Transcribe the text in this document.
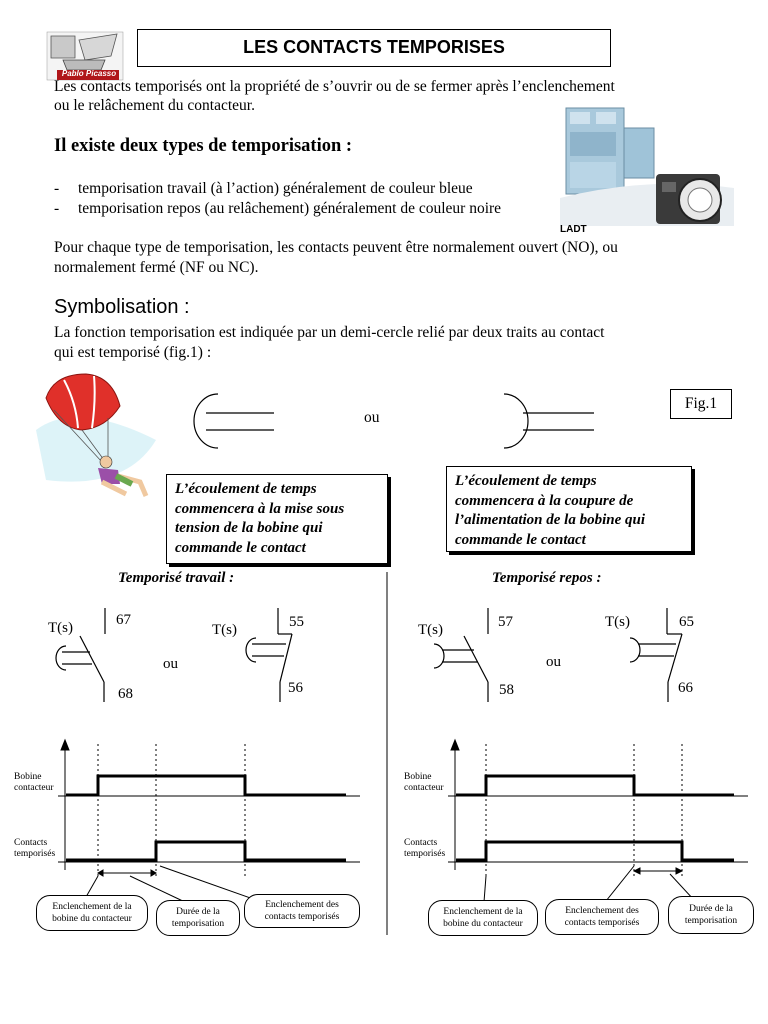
Pablo Picasso
LES CONTACTS TEMPORISES
Les contacts temporisés ont la propriété de s’ouvrir ou de se fermer après l’enclenchement
ou le relâchement du contacteur.
Il existe deux types de temporisation :
- temporisation travail (à l’action) généralement de couleur bleue
- temporisation repos (au relâchement) généralement de couleur noire
LADT
Pour chaque type de temporisation, les contacts peuvent être normalement ouvert (NO), ou
normalement fermé (NF ou NC).
Symbolisation :
La fonction temporisation est indiquée par un demi-cercle relié par deux traits au contact
qui est temporisé (fig.1) :
ou
Fig.1
L’écoulement de temps
commencera à la mise sous
tension de la bobine qui
commande le contact
L’écoulement de temps
commencera à la coupure de
l’alimentation de la bobine qui
commande le contact
Temporisé travail :	Temporisé repos :
T(s)	67
68
ou
T(s)	55
56
T(s)	57
58
ou
T(s)	65
66
Bobine
contacteur
Contacts
temporisés
Enclenchement de la
bobine du contacteur
Durée de la
temporisation
Enclenchement des
contacts temporisés
Bobine
contacteur
Contacts
temporisés
Enclenchement de la
bobine du contacteur
Enclenchement des
contacts temporisés
Durée de la
temporisation
